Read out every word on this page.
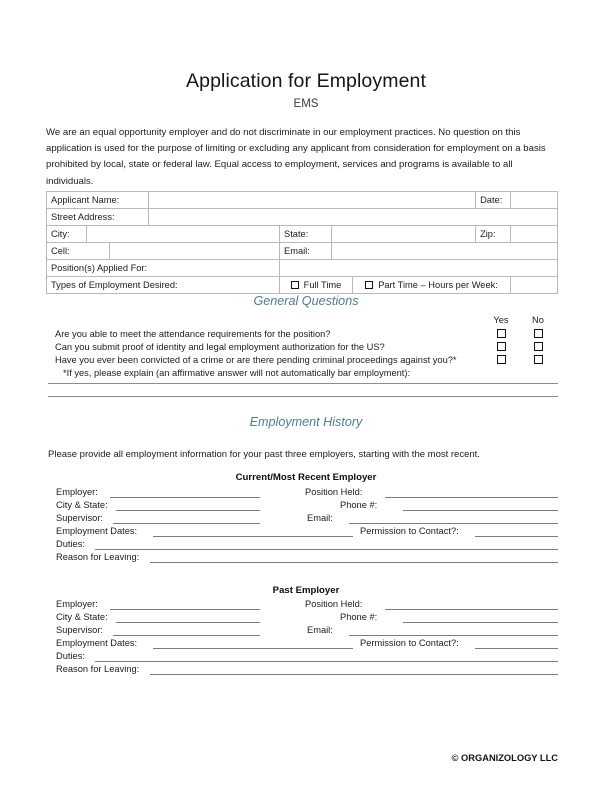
Application for Employment
EMS
We are an equal opportunity employer and do not discriminate in our employment practices. No question on this application is used for the purpose of limiting or excluding any applicant from consideration for employment on a basis prohibited by local, state or federal law. Equal access to employment, services and programs is available to all individuals.
Applicant Name:							Date:	
Street Address:								
City:				State:			Zip:	
Cell:				Email:				
Position(s) Applied For:								
Types of Employment Desired:				Full Time		Part Time – Hours per Week:		
General Questions
Yes	No
Are you able to meet the attendance requirements for the position?
Can you submit proof of identity and legal employment authorization for the US?
Have you ever been convicted of a crime or are there pending criminal proceedings against you?*
*If yes, please explain (an affirmative answer will not automatically bar employment):
Employment History
Please provide all employment information for your past three employers, starting with the most recent.
Current/Most Recent Employer
Employer:	Position Held:
City & State:	Phone #:
Supervisor:	Email:
Employment Dates:	Permission to Contact?:
Duties:
Reason for Leaving:
Past Employer
Employer:	Position Held:
City & State:	Phone #:
Supervisor:	Email:
Employment Dates:	Permission to Contact?:
Duties:
Reason for Leaving:
© ORGANIZOLOGY LLC
